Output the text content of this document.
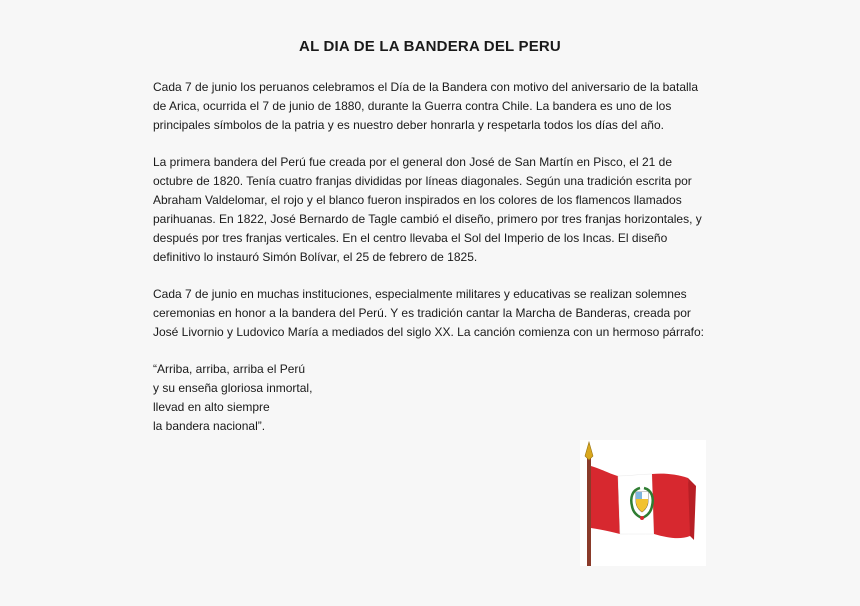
AL DIA DE LA BANDERA DEL PERU

Cada 7 de junio los peruanos celebramos el Día de la Bandera con motivo del aniversario de la batalla
de Arica, ocurrida el 7 de junio de 1880, durante la Guerra contra Chile. La bandera es uno de los
principales símbolos de la patria y es nuestro deber honrarla y respetarla todos los días del año.

La primera bandera del Perú fue creada por el general don José de San Martín en Pisco, el 21 de
octubre de 1820. Tenía cuatro franjas divididas por líneas diagonales. Según una tradición escrita por
Abraham Valdelomar, el rojo y el blanco fueron inspirados en los colores de los flamencos llamados
parihuanas. En 1822, José Bernardo de Tagle cambió el diseño, primero por tres franjas horizontales, y
después por tres franjas verticales. En el centro llevaba el Sol del Imperio de los Incas. El diseño
definitivo lo instauró Simón Bolívar, el 25 de febrero de 1825.

Cada 7 de junio en muchas instituciones, especialmente militares y educativas se realizan solemnes
ceremonias en honor a la bandera del Perú. Y es tradición cantar la Marcha de Banderas, creada por
José Livornio y Ludovico María a mediados del siglo XX. La canción comienza con un hermoso párrafo:

“Arriba, arriba, arriba el Perú
y su enseña gloriosa inmortal,
llevad en alto siempre
la bandera nacional”.
